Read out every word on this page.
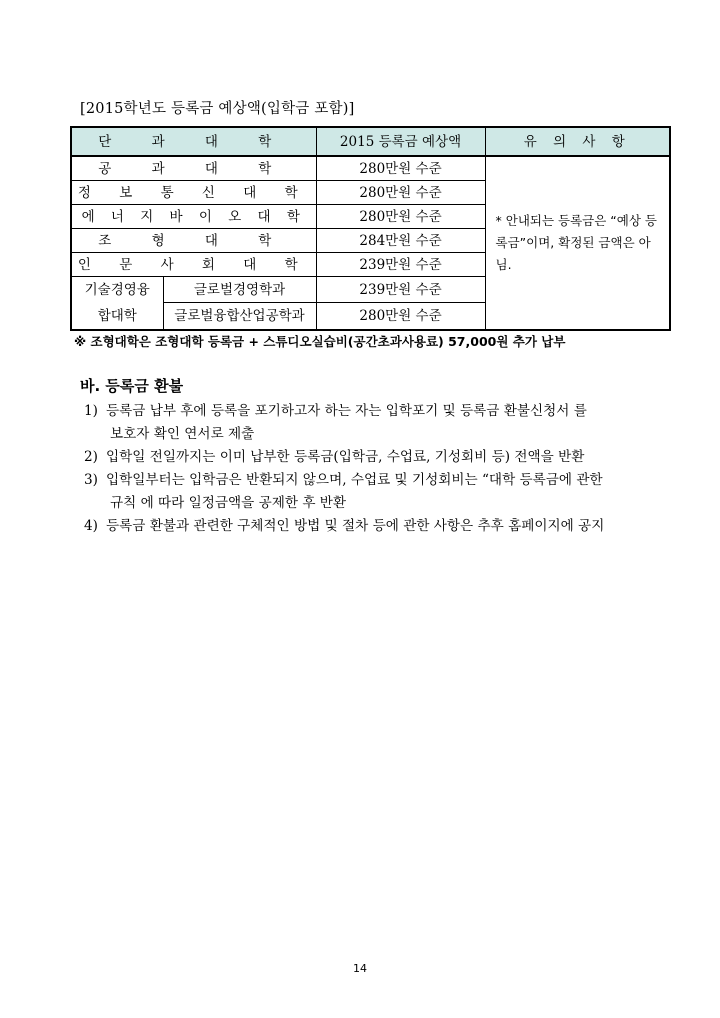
[2015학년도 등록금 예상액(입학금 포함)]
단 과 대 학		2015 등록금 예상액	유 의 사 항
공 과 대 학		280만원 수준	* 안내되는 등록금은 “예상 등록금”이며, 확정된 금액은 아님.
정 보 통 신 대 학		280만원 수준	
에 너 지 바 이 오 대 학		280만원 수준	
조 형 대 학		284만원 수준	
인 문 사 회 대 학		239만원 수준	
기술경영융
합대학	글로벌경영학과	239만원 수준	
	글로벌융합산업공학과	280만원 수준	
※ 조형대학은 조형대학 등록금 + 스튜디오실습비(공간초과사용료) 57,000원 추가 납부
바. 등록금 환불
1) 등록금 납부 후에 등록을 포기하고자 하는 자는 입학포기 및 등록금 환불신청서 를
보호자 확인 연서로 제출
2) 입학일 전일까지는 이미 납부한 등록금(입학금, 수업료, 기성회비 등) 전액을 반환
3) 입학일부터는 입학금은 반환되지 않으며, 수업료 및 기성회비는 “대학 등록금에 관한
규칙 에 따라 일정금액을 공제한 후 반환
4) 등록금 환불과 관련한 구체적인 방법 및 절차 등에 관한 사항은 추후 홈페이지에 공지
14
